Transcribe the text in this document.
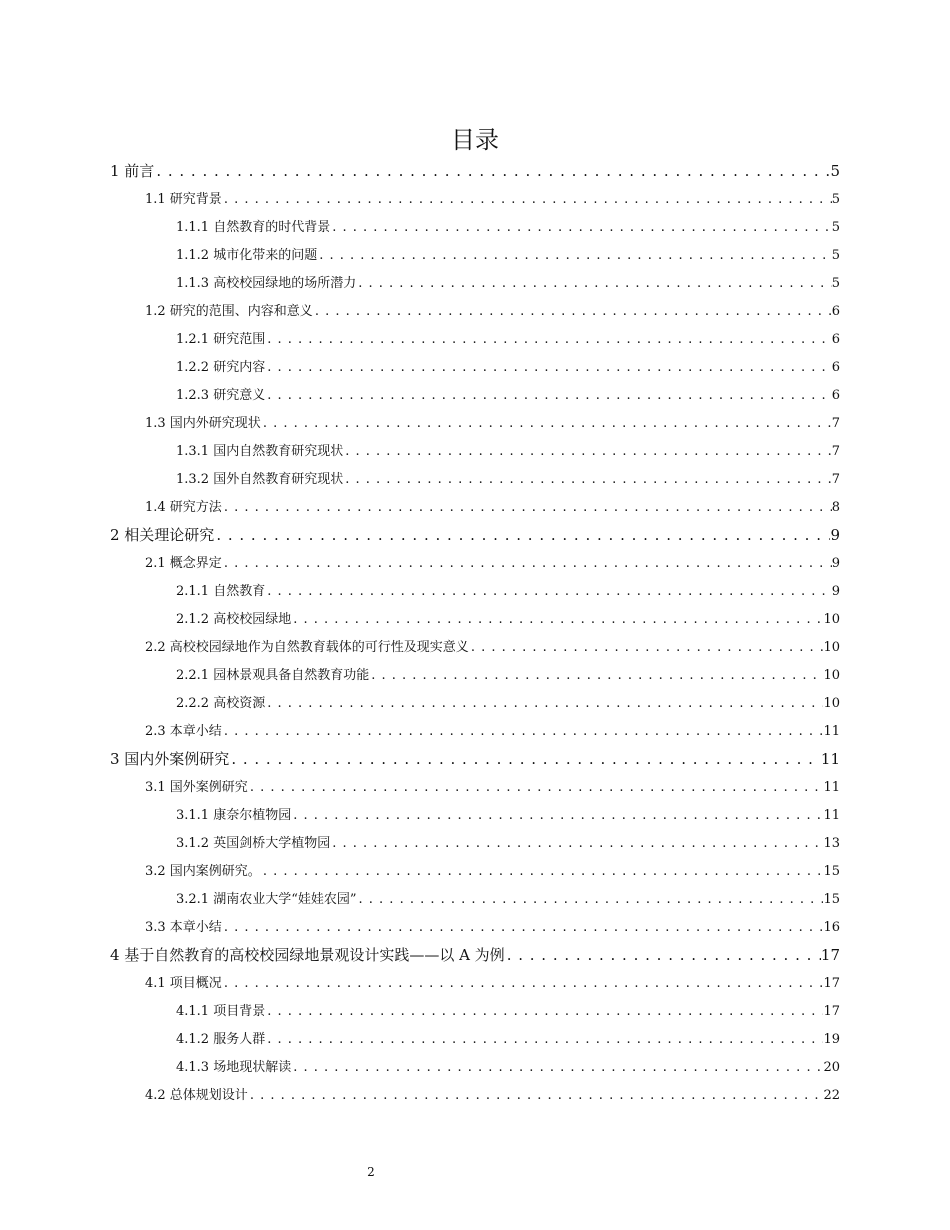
目录
1 前言 . . .	5
1.1 研究背景 . . .	5
1.1.1 自然教育的时代背景 . . .	5
1.1.2 城市化带来的问题 . . .	5
1.1.3 高校校园绿地的场所潜力 . . .	5
1.2 研究的范围、内容和意义 . . .	6
1.2.1 研究范围 . . .	6
1.2.2 研究内容 . . .	6
1.2.3 研究意义 . . .	6
1.3 国内外研究现状 . . .	7
1.3.1 国内自然教育研究现状 . . .	7
1.3.2 国外自然教育研究现状 . . .	7
1.4 研究方法 . . .	8
2 相关理论研究 . . .	9
2.1 概念界定 . . .	9
2.1.1 自然教育 . . .	9
2.1.2 高校校园绿地 . . .	10
2.2 高校校园绿地作为自然教育载体的可行性及现实意义 . . .	10
2.2.1 园林景观具备自然教育功能 . . .	10
2.2.2 高校资源 . . .	10
2.3 本章小结 . . .	11
3 国内外案例研究 . . .	11
3.1 国外案例研究 . . .	11
3.1.1 康奈尔植物园 . . .	11
3.1.2 英国剑桥大学植物园 . . .	13
3.2 国内案例研究。 . . .	15
3.2.1 湖南农业大学“娃娃农园” . . .	15
3.3 本章小结 . . .	16
4 基于自然教育的高校校园绿地景观设计实践——以 A 为例 . . .	17
4.1 项目概况 . . .	17
4.1.1 项目背景 . . .	17
4.1.2 服务人群 . . .	19
4.1.3 场地现状解读 . . .	20
4.2 总体规划设计 . . .	22
2
